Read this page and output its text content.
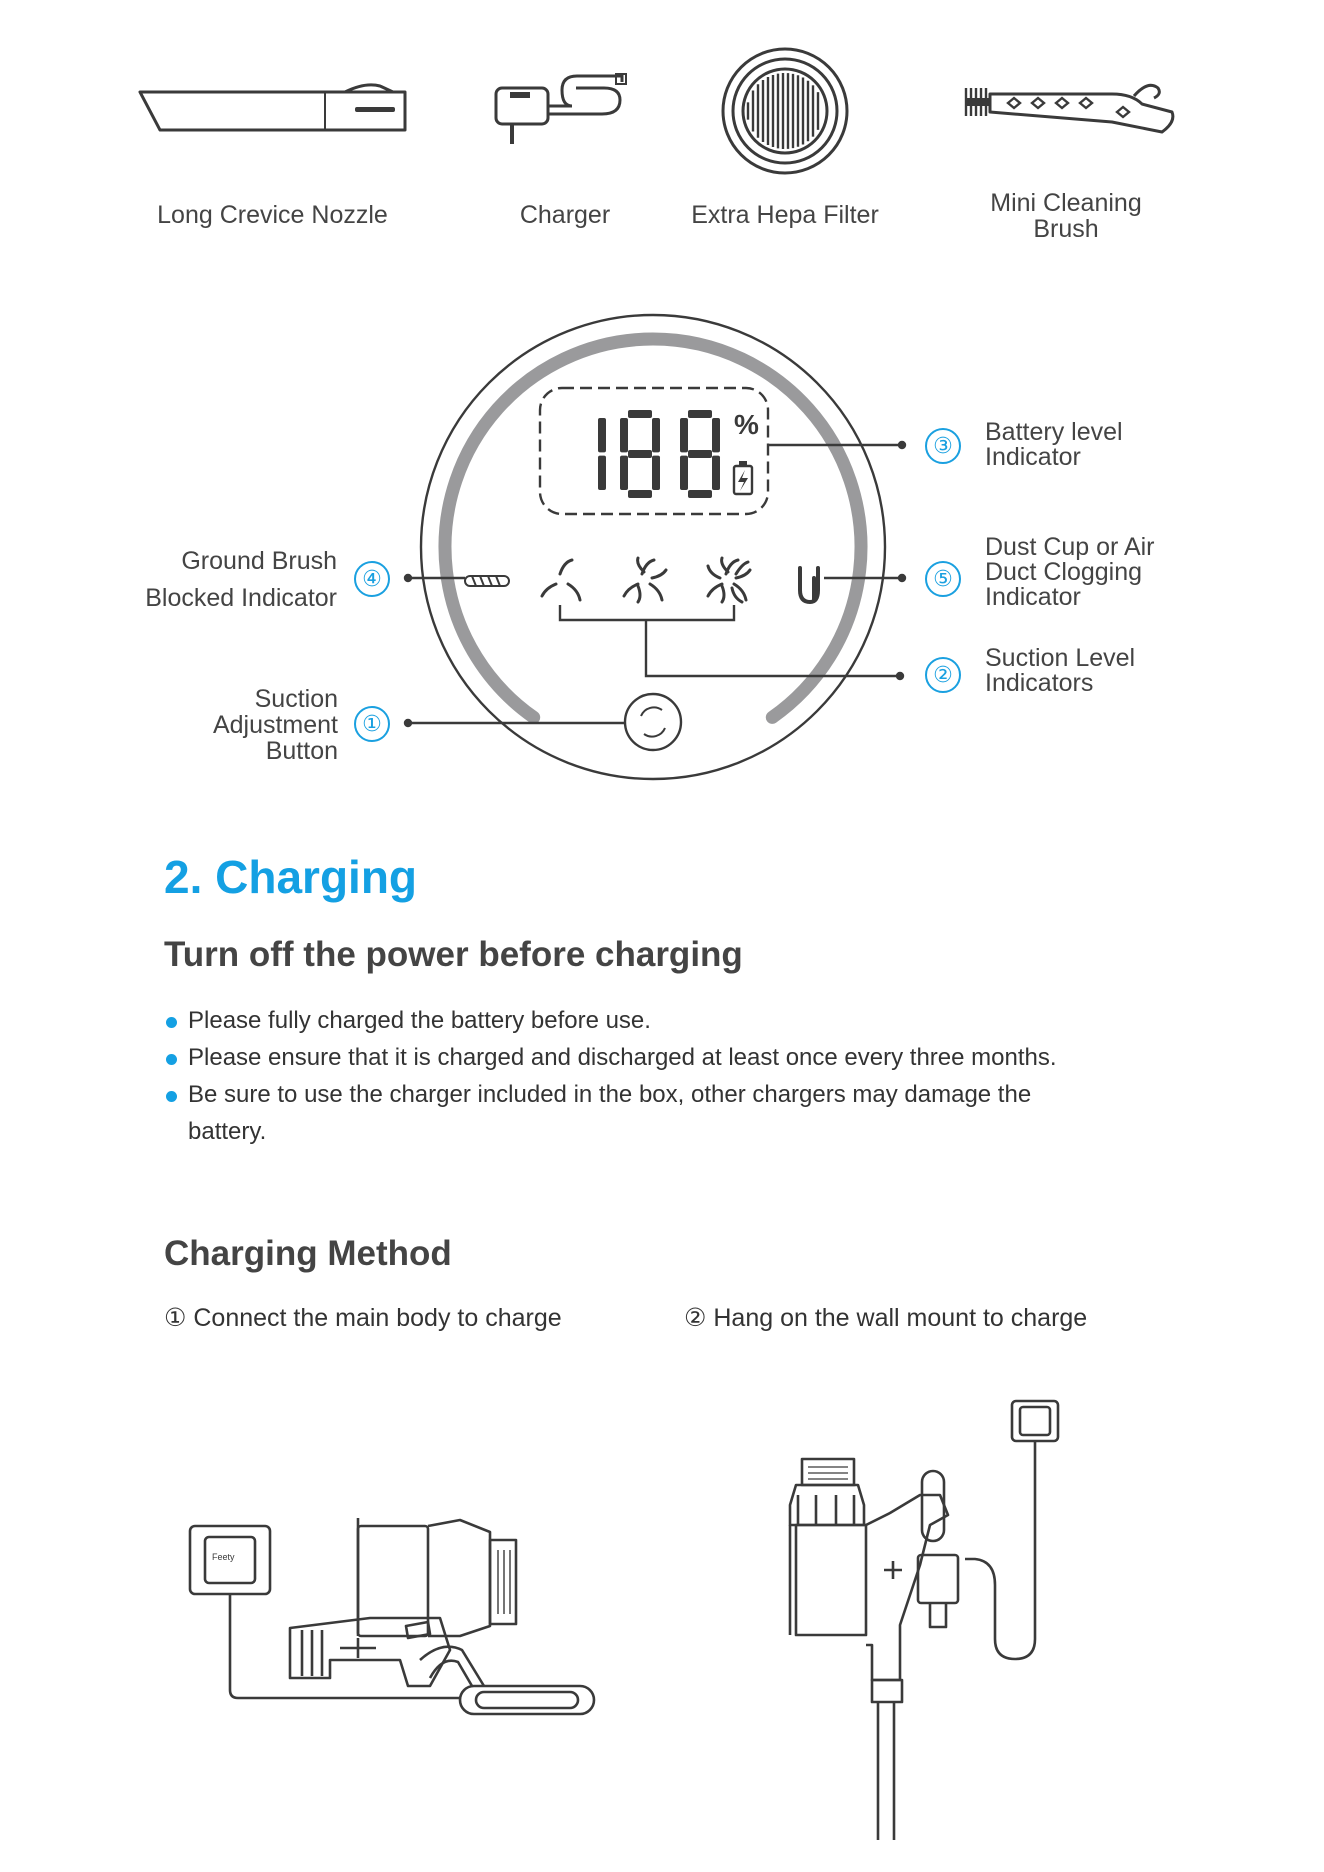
Long Crevice Nozzle	Charger	Extra Hepa Filter	Mini Cleaning Brush
%
③
⑤
②
④
①
Battery level Indicator
Dust Cup or Air Duct Clogging Indicator
Suction Level Indicators
Ground Brush Blocked Indicator
Suction Adjustment Button
2. Charging
Turn off the power before charging
Please fully charged the battery before use.
Please ensure that it is charged and discharged at least once every three months.
Be sure to use the charger included in the box, other chargers may damage the battery.
Charging Method
① Connect the main body to charge	② Hang on the wall mount to charge
Feety
